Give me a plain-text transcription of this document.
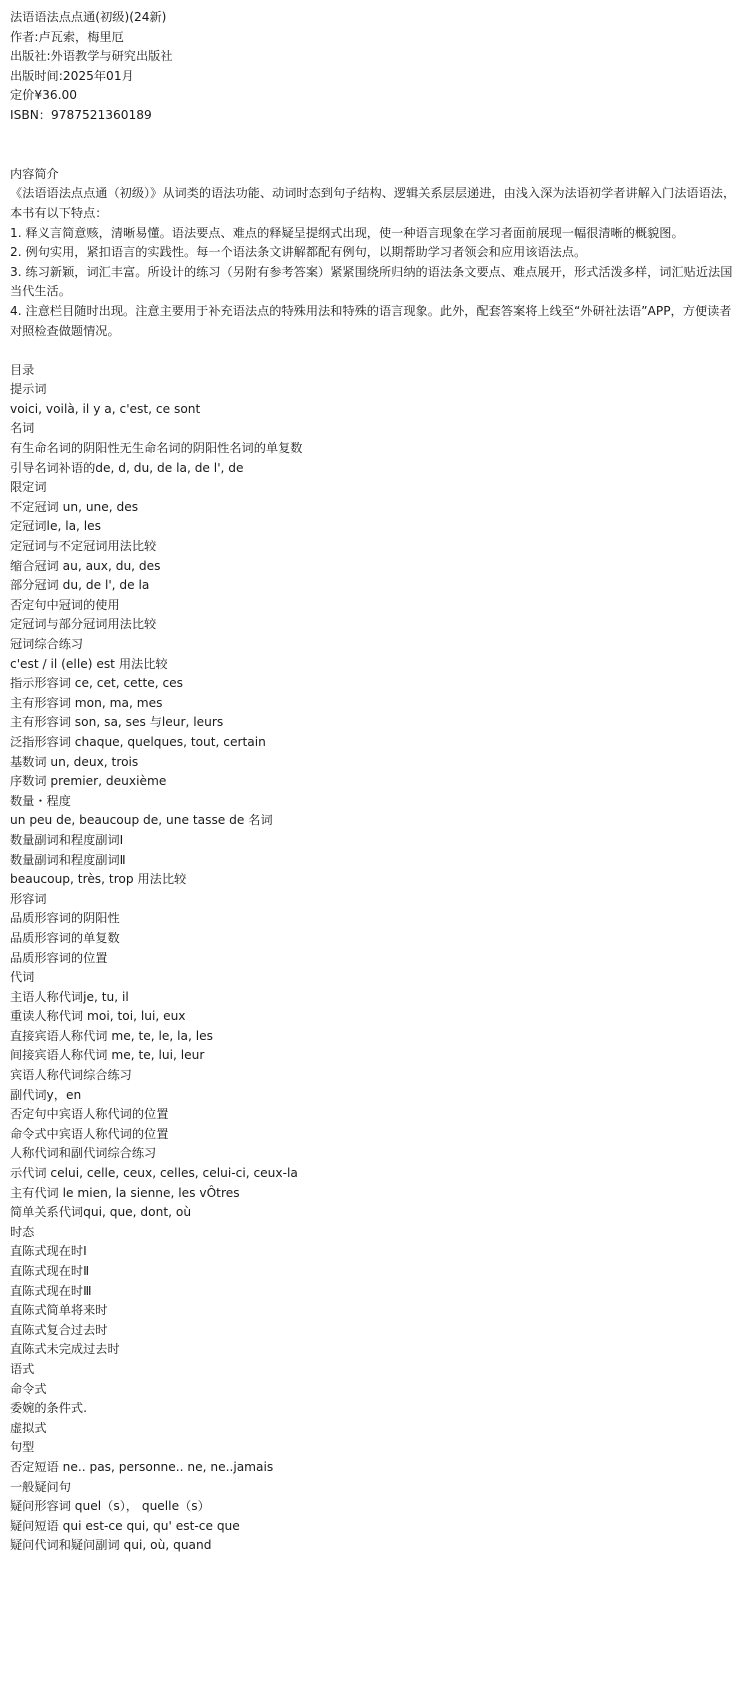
法语语法点点通(初级)(24新)
作者:卢瓦索，梅里厄
出版社:外语教学与研究出版社
出版时间:2025年01月
定价¥36.00
ISBN：9787521360189
内容简介
《法语语法点点通（初级）》从词类的语法功能、动词时态到句子结构、逻辑关系层层递进，由浅入深为法语初学者讲解入门法语语法，本书有以下特点：
1. 释义言简意赅，清晰易懂。语法要点、难点的释疑呈提纲式出现，使一种语言现象在学习者面前展现一幅很清晰的概貌图。
2. 例句实用，紧扣语言的实践性。每一个语法条文讲解都配有例句，以期帮助学习者领会和应用该语法点。
3. 练习新颖，词汇丰富。所设计的练习（另附有参考答案）紧紧围绕所归纳的语法条文要点、难点展开，形式活泼多样，词汇贴近法国当代生活。
4. 注意栏目随时出现。注意主要用于补充语法点的特殊用法和特殊的语言现象。此外，配套答案将上线至“外研社法语”APP，方便读者对照检查做题情况。
目录
提示词
voici, voilà, il y a, c'est, ce sont
名词
有生命名词的阴阳性无生命名词的阴阳性名词的单复数
引导名词补语的de, d, du, de la, de l', de
限定词
不定冠词 un, une, des
定冠词le, la, les
定冠词与不定冠词用法比较
缩合冠词 au, aux, du, des
部分冠词 du, de l', de la
否定句中冠词的使用
定冠词与部分冠词用法比较
冠词综合练习
c'est / il (elle) est 用法比较
指示形容词 ce, cet, cette, ces
主有形容词 mon, ma, mes
主有形容词 son, sa, ses 与leur, leurs
泛指形容词 chaque, quelques, tout, certain
基数词 un, deux, trois
序数词 premier, deuxième
数量・程度
un peu de, beaucoup de, une tasse de 名词
数量副词和程度副词Ⅰ
数量副词和程度副词Ⅱ
beaucoup, très, trop 用法比较
形容词
品质形容词的阴阳性
品质形容词的单复数
品质形容词的位置
代词
主语人称代词je, tu, il
重读人称代词 moi, toi, lui, eux
直接宾语人称代词 me, te, le, la, les
间接宾语人称代词 me, te, lui, leur
宾语人称代词综合练习
副代词y，en
否定句中宾语人称代词的位置
命令式中宾语人称代词的位置
人称代词和副代词综合练习
示代词 celui, celle, ceux, celles, celui-ci, ceux-la
主有代词 le mien, la sienne, les vÔtres
简单关系代词qui, que, dont, où
时态
直陈式现在时Ⅰ
直陈式现在时Ⅱ
直陈式现在时Ⅲ
直陈式简单将来时
直陈式复合过去时
直陈式未完成过去时
语式
命令式
委婉的条件式.
虚拟式
句型
否定短语 ne.. pas, personne.. ne, ne..jamais
一般疑问句
疑问形容词 quel（s）， quelle（s）
疑问短语 qui est-ce qui, qu' est-ce que
疑问代词和疑问副词 qui, où, quand
